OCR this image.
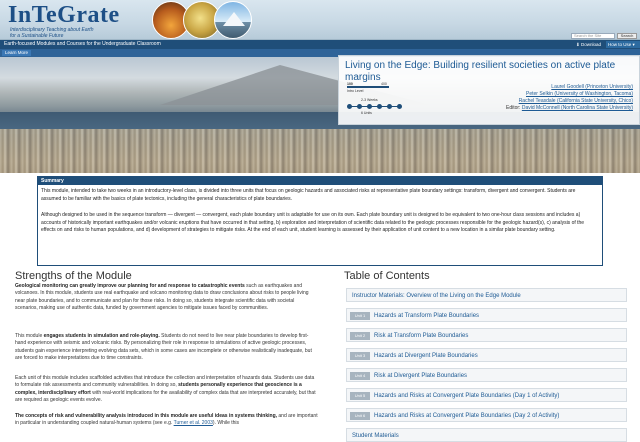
InTeGrate
Interdisciplinary Teaching about Earth
for a Sustainable Future	Search the Site	Search
Earth-focused Modules and Courses for the Undergraduate Classroom	⬇ Download	How to Use ▾
Learn More
Living on the Edge: Building resilient societies on active plate margins
100	400
Intro Level
2-3 Weeks
6 Units
Laurel Goodell (Princeton University)
Peter Selkin (University of Washington, Tacoma)
Rachel Teasdale (California State University, Chico)
Editor: David McConnell (North Carolina State University)
Summary
This module, intended to take two weeks in an introductory-level class, is divided into three units that focus on geologic hazards and associated risks at representative plate boundary settings: transform, divergent and convergent. Students are assumed to be familiar with the basics of plate tectonics, including the general characteristics of plate boundaries.
Although designed to be used in the sequence transform — divergent — convergent, each plate boundary unit is adaptable for use on its own. Each plate boundary unit is designed to be equivalent to two one-hour class sessions and includes a) accounts of historically important earthquakes and/or volcanic eruptions that have occurred in that setting, b) exploration and interpretation of scientific data related to the geologic processes responsible for the geologic hazard(s), c) analysis of the effects on and risks to human populations, and d) development of strategies to mitigate risks. At the end of each unit, student learning is assessed by their application of unit content to a new location in a similar plate boundary setting.
Strengths of the Module
Geological monitoring can greatly improve our planning for and response to catastrophic events such as earthquakes and volcanoes. In this module, students use real earthquake and volcano monitoring data to draw conclusions about risks to people living near plate boundaries, and to communicate and plan for those risks. In doing so, students integrate scientific data with societal scenarios, making use of authentic data, funded by government agencies to mitigate issues faced by communities.
This module engages students in simulation and role-playing. Students do not need to live near plate boundaries to develop first-hand experience with seismic and volcanic risks. By personalizing their role in response to simulations of active geologic processes, students gain experience interpreting evolving data sets, which in some cases are incomplete or otherwise realistically inadequate, but are forced to make interpretations due to time constraints.
Each unit of this module includes scaffolded activities that introduce the collection and interpretation of hazards data. Students use data to formulate risk assessments and community vulnerabilities. In doing so, students personally experience that geoscience is a complex, interdisciplinary effort with real-world implications for the availability of complex data that are interpreted accurately, but that are required as geologic events evolve.
The concepts of risk and vulnerability analysis introduced in this module are useful ideas in systems thinking, and are important in particular in understanding coupled natural-human systems (see e.g. Turner et al. 2003). While this
Table of Contents
Instructor Materials: Overview of the Living on the Edge Module
Unit 1	Hazards at Transform Plate Boundaries
Unit 2	Risk at Transform Plate Boundaries
Unit 3	Hazards at Divergent Plate Boundaries
Unit 4	Risk at Divergent Plate Boundaries
Unit 5	Hazards and Risks at Convergent Plate Boundaries (Day 1 of Activity)
Unit 6	Hazards and Risks at Convergent Plate Boundaries (Day 2 of Activity)
Student Materials
